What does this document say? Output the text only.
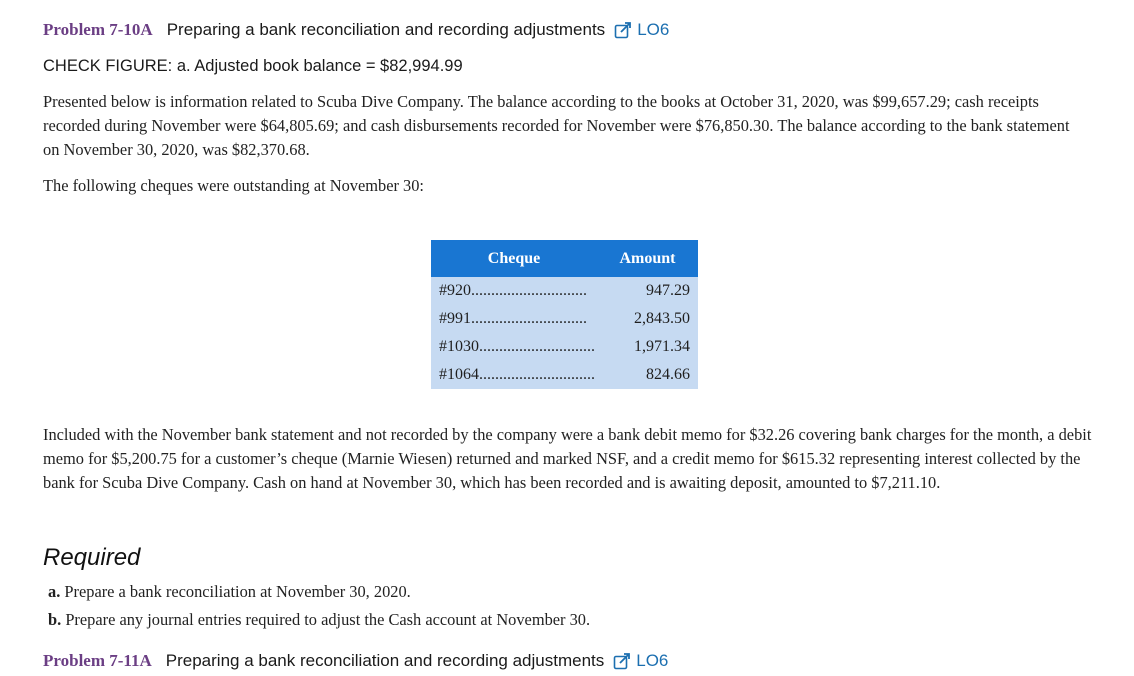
Problem 7-10A Preparing a bank reconciliation and recording adjustments LO6
CHECK FIGURE: a. Adjusted book balance = $82,994.99

Presented below is information related to Scuba Dive Company. The balance according to the books at October 31, 2020, was $99,657.29; cash receipts recorded during November were $64,805.69; and cash disbursements recorded for November were $76,850.30. The balance according to the bank statement on November 30, 2020, was $82,370.68.

The following cheques were outstanding at November 30:

Cheque	Amount
#920.............................	947.29
#991.............................	2,843.50
#1030.............................	1,971.34
#1064.............................	824.66

Included with the November bank statement and not recorded by the company were a bank debit memo for $32.26 covering bank charges for the month, a debit memo for $5,200.75 for a customer’s cheque (Marnie Wiesen) returned and marked NSF, and a credit memo for $615.32 representing interest collected by the bank for Scuba Dive Company. Cash on hand at November 30, which has been recorded and is awaiting deposit, amounted to $7,211.10.

Required
a. Prepare a bank reconciliation at November 30, 2020.
b. Prepare any journal entries required to adjust the Cash account at November 30.
Problem 7-11A Preparing a bank reconciliation and recording adjustments LO6
